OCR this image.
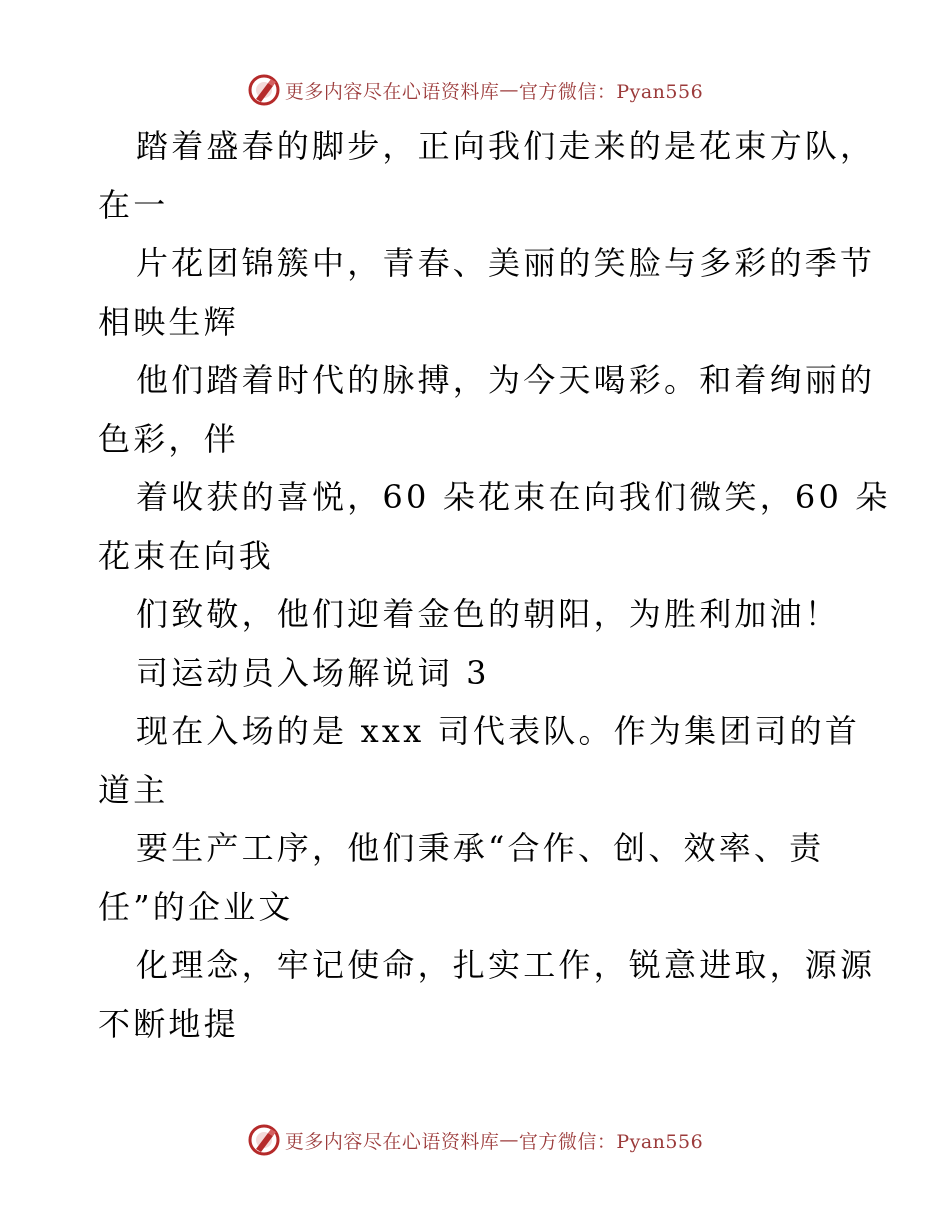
更多内容尽在心语资料库 — 官方微信：Pyan556
踏着盛春的脚步，正向我们走来的是花束方队，
在一
片花团锦簇中，青春、美丽的笑脸与多彩的季节
相映生辉
他们踏着时代的脉搏，为今天喝彩。和着绚丽的
色彩，伴
着收获的喜悦，60 朵花束在向我们微笑，60 朵
花束在向我
们致敬，他们迎着金色的朝阳，为胜利加油！
司运动员入场解说词 3
现在入场的是 xxx 司代表队。作为集团司的首
道主
要生产工序，他们秉承“合作、创、效率、责
任”的企业文
化理念，牢记使命，扎实工作，锐意进取，源源
不断地提
更多内容尽在心语资料库 — 官方微信：Pyan556
